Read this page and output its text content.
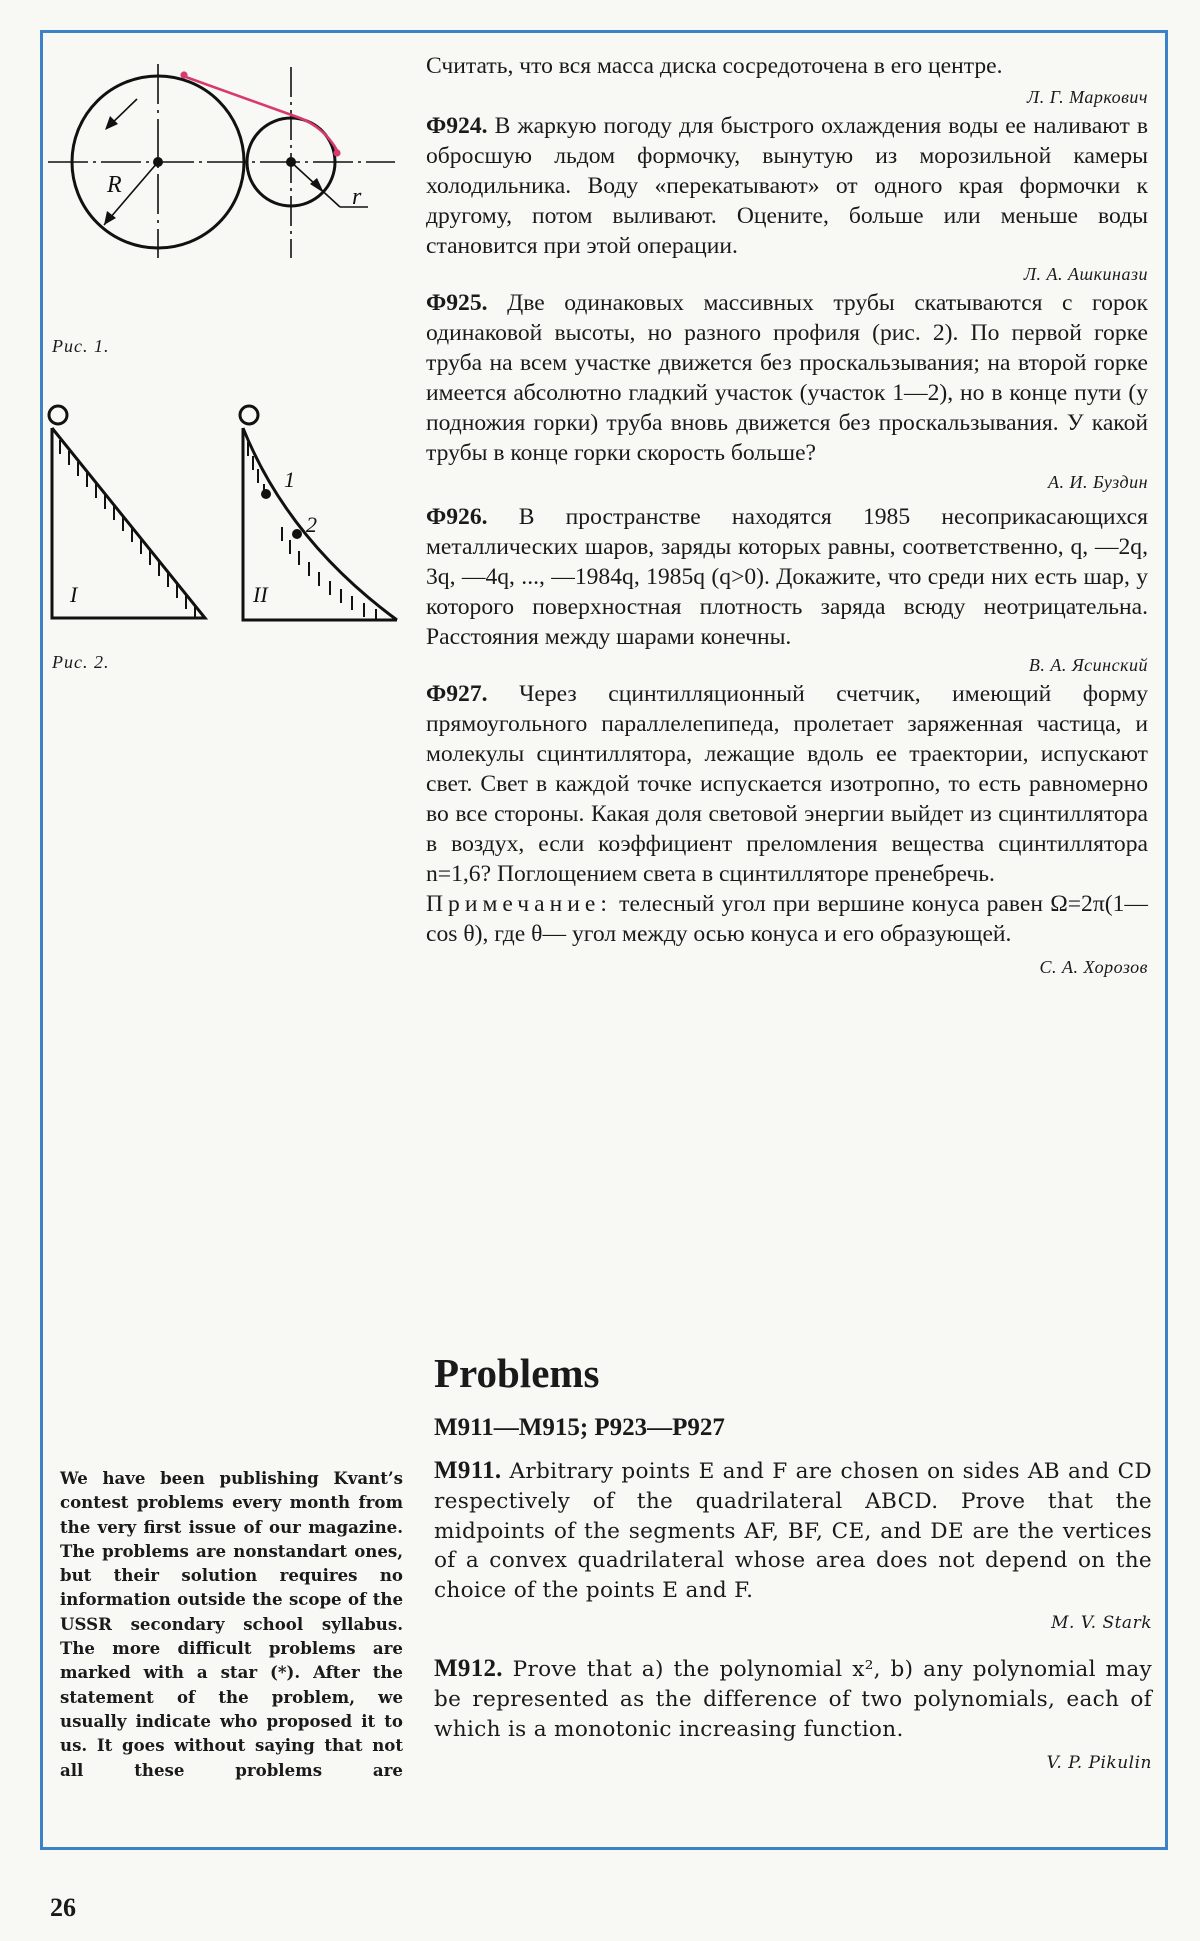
R	r
Рис. 1.
I	II
1
2
Рис. 2.

Считать, что вся масса диска сосредоточена в его центре.

Л. Г. Маркович

Ф924. В жаркую погоду для быстрого охлаждения воды ее наливают в обросшую льдом формочку, вынутую из морозильной камеры холодильника. Воду «перекатывают» от одного края формочки к другому, потом выливают. Оцените, больше или меньше воды становится при этой операции.

Л. А. Ашкинази

Ф925. Две одинаковых массивных трубы скатываются с горок одинаковой высоты, но разного профиля (рис. 2). По первой горке труба на всем участке движется без проскальзывания; на второй горке имеется абсолютно гладкий участок (участок 1—2), но в конце пути (у подножия горки) труба вновь движется без проскальзывания. У какой трубы в конце горки скорость больше?

А. И. Буздин

Ф926. В пространстве находятся 1985 несоприкасающихся металлических шаров, заряды которых равны, соответственно, q, —2q, 3q, —4q, ..., —1984q, 1985q (q>0). Докажите, что среди них есть шар, у которого поверхностная плотность заряда всюду неотрицательна. Расстояния между шарами конечны.

В. А. Ясинский

Ф927. Через сцинтилляционный счетчик, имеющий форму прямоугольного параллелепипеда, пролетает заряженная частица, и молекулы сцинтиллятора, лежащие вдоль ее траектории, испускают свет. Свет в каждой точке испускается изотропно, то есть равномерно во все стороны. Какая доля световой энергии выйдет из сцинтиллятора в воздух, если коэффициент преломления вещества сцинтиллятора n=1,6? Поглощением света в сцинтилляторе пренебречь.

Примечание: телесный угол при вершине конуса равен Ω=2π(1—cos θ), где θ— угол между осью конуса и его образующей.

С. А. Хорозов
Problems
M911—M915; P923—P927
We have been publishing Kvant’s contest problems every month from the very first issue of our magazine. The problems are nonstandart ones, but their solution requires no information outside the scope of the USSR secondary school syllabus. The more difficult problems are marked with a star (*). After the statement of the problem, we usually indicate who proposed it to us. It goes without saying that not all these problems are

M911. Arbitrary points E and F are chosen on sides AB and CD respectively of the quadrilateral ABCD. Prove that the midpoints of the segments AF, BF, CE, and DE are the vertices of a convex quadrilateral whose area does not depend on the choice of the points E and F.

M. V. Stark

M912. Prove that a) the polynomial x², b) any polynomial may be represented as the difference of two polynomials, each of which is a monotonic increasing function.

V. P. Pikulin
26
